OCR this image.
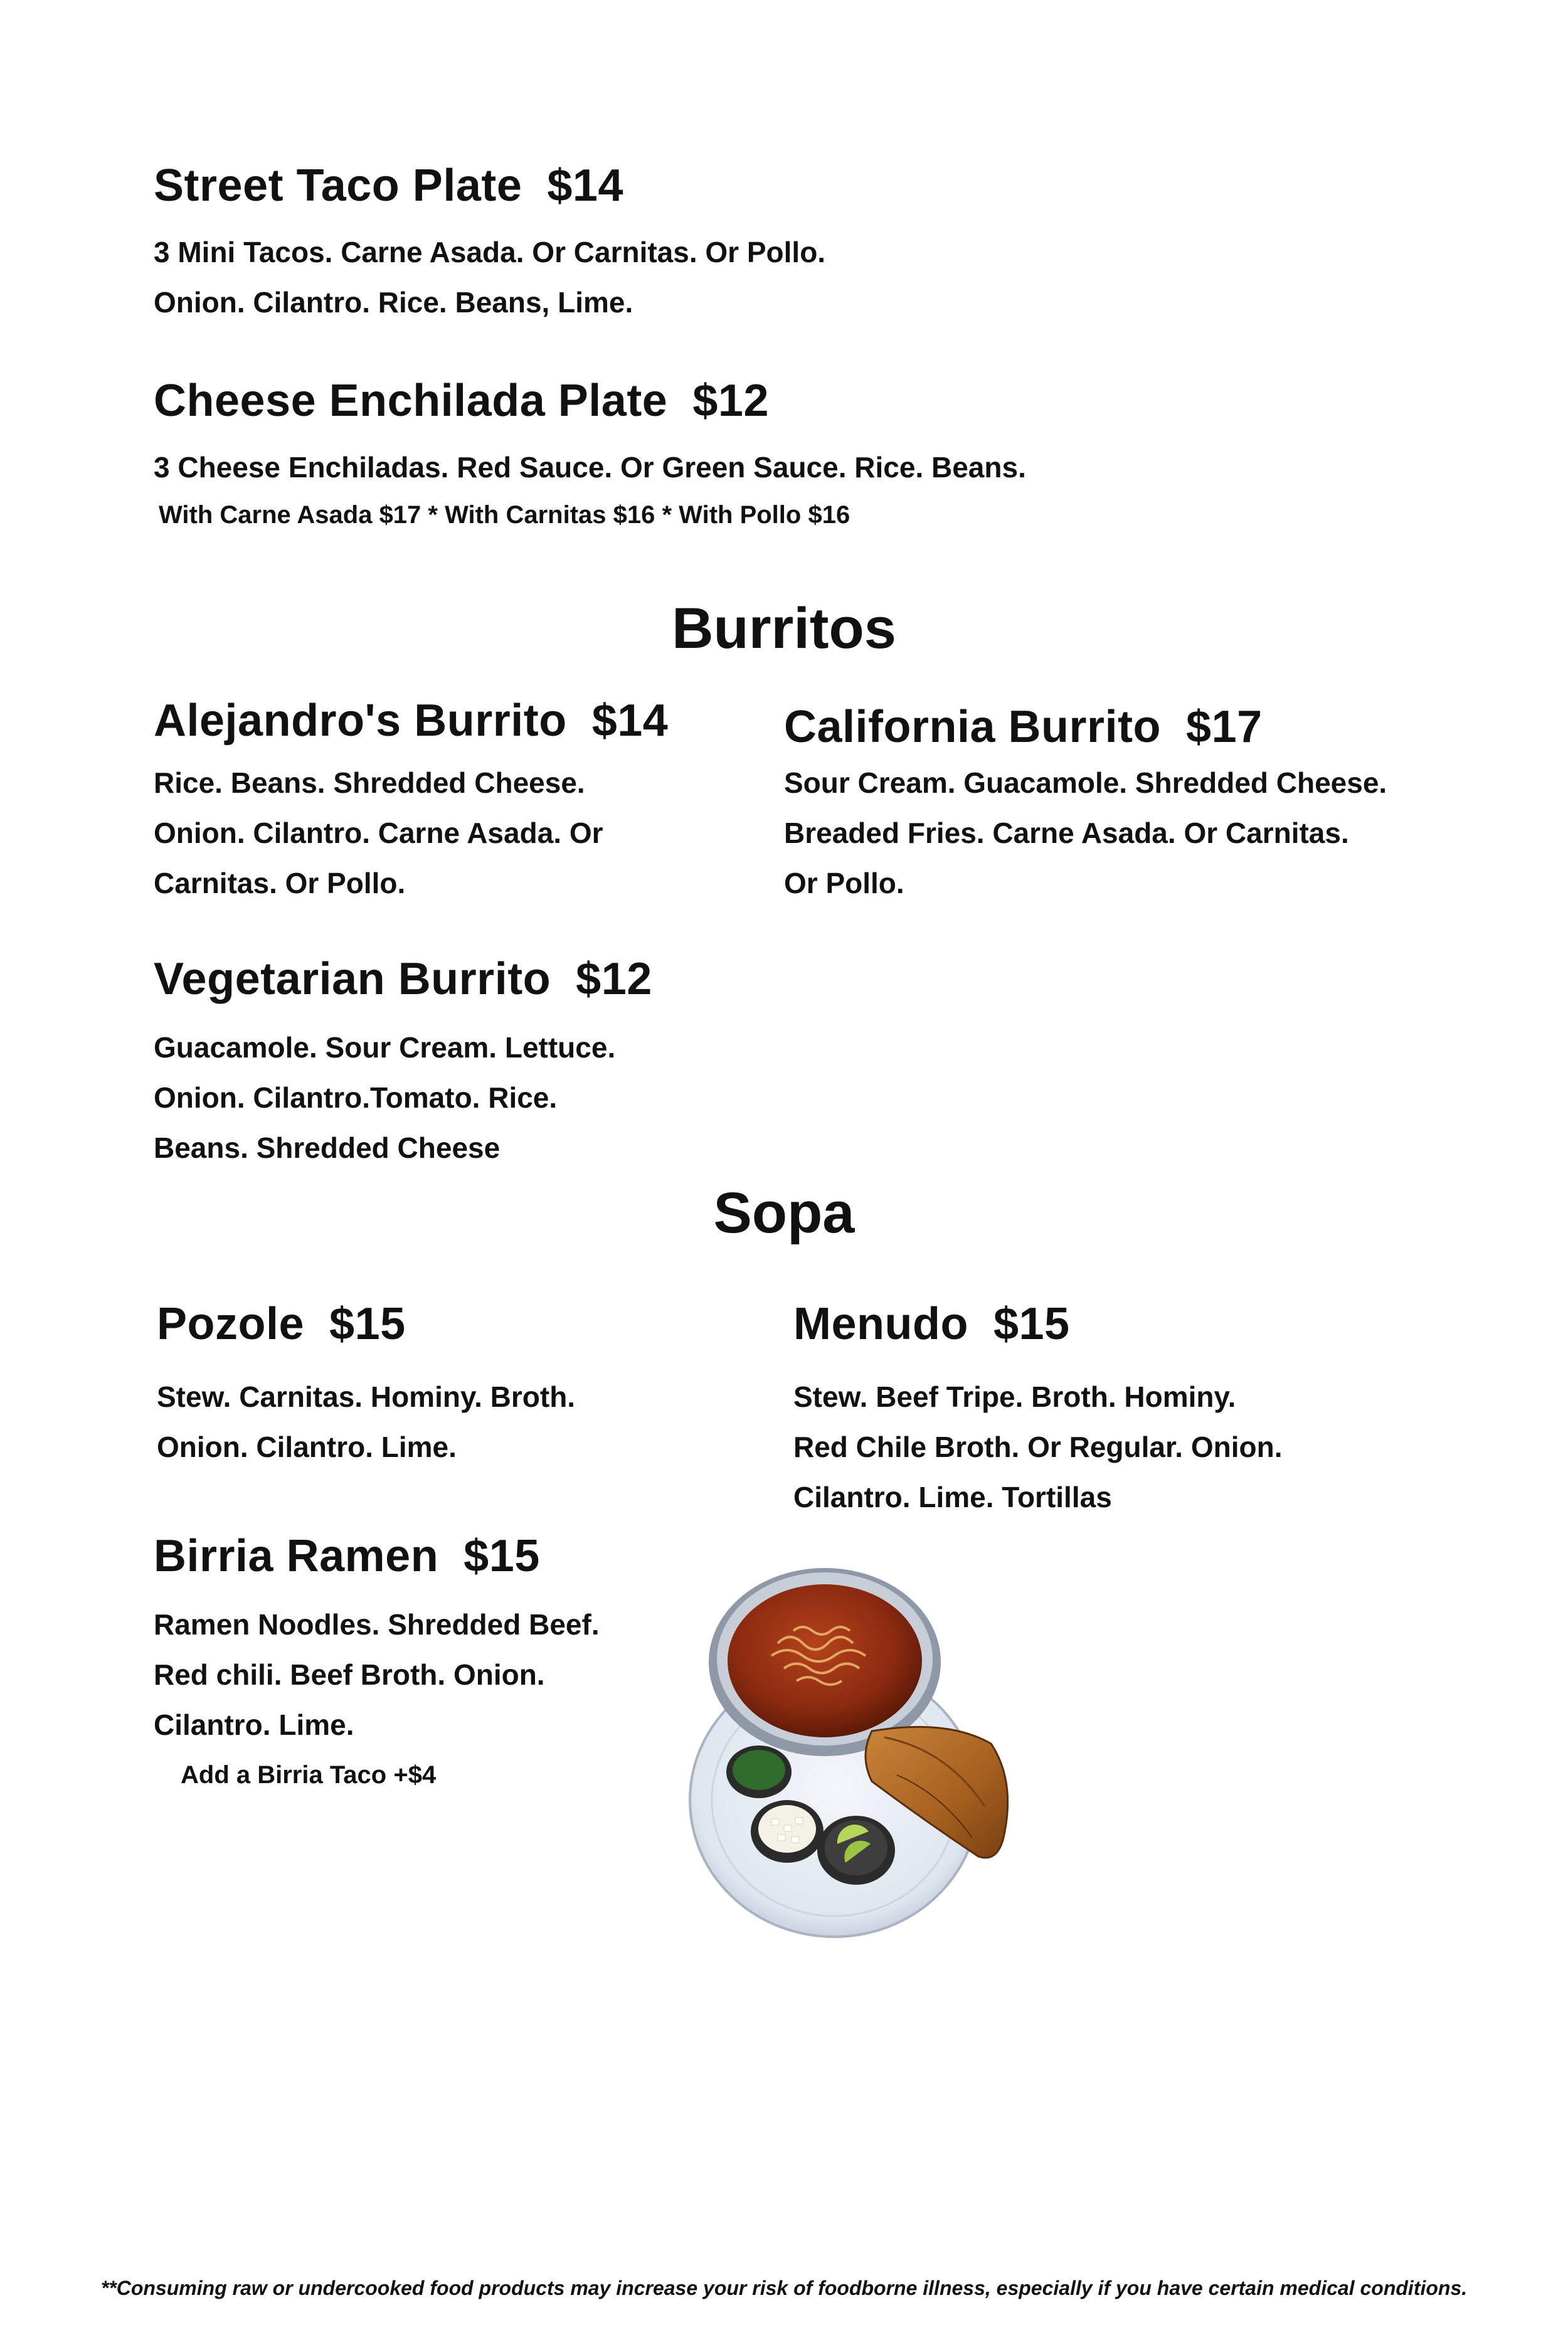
Street Taco Plate $14
3 Mini Tacos. Carne Asada. Or Carnitas. Or Pollo.
Onion. Cilantro. Rice. Beans, Lime.
Cheese Enchilada Plate $12
3 Cheese Enchiladas. Red Sauce. Or Green Sauce. Rice. Beans.
With Carne Asada $17 * With Carnitas $16 * With Pollo $16
Burritos
Alejandro's Burrito $14
Rice. Beans. Shredded Cheese.
Onion. Cilantro. Carne Asada. Or
Carnitas. Or Pollo.
California Burrito $17
Sour Cream. Guacamole. Shredded Cheese.
Breaded Fries. Carne Asada. Or Carnitas.
Or Pollo.
Vegetarian Burrito $12
Guacamole. Sour Cream. Lettuce.
Onion. Cilantro.Tomato. Rice.
Beans. Shredded Cheese
Sopa
Pozole $15
Stew. Carnitas. Hominy. Broth.
Onion. Cilantro. Lime.
Menudo $15
Stew. Beef Tripe. Broth. Hominy.
Red Chile Broth. Or Regular. Onion.
Cilantro. Lime. Tortillas
Birria Ramen $15
Ramen Noodles. Shredded Beef.
Red chili. Beef Broth. Onion.
Cilantro. Lime.
Add a Birria Taco +$4
**Consuming raw or undercooked food products may increase your risk of foodborne illness, especially if you have certain medical conditions.
